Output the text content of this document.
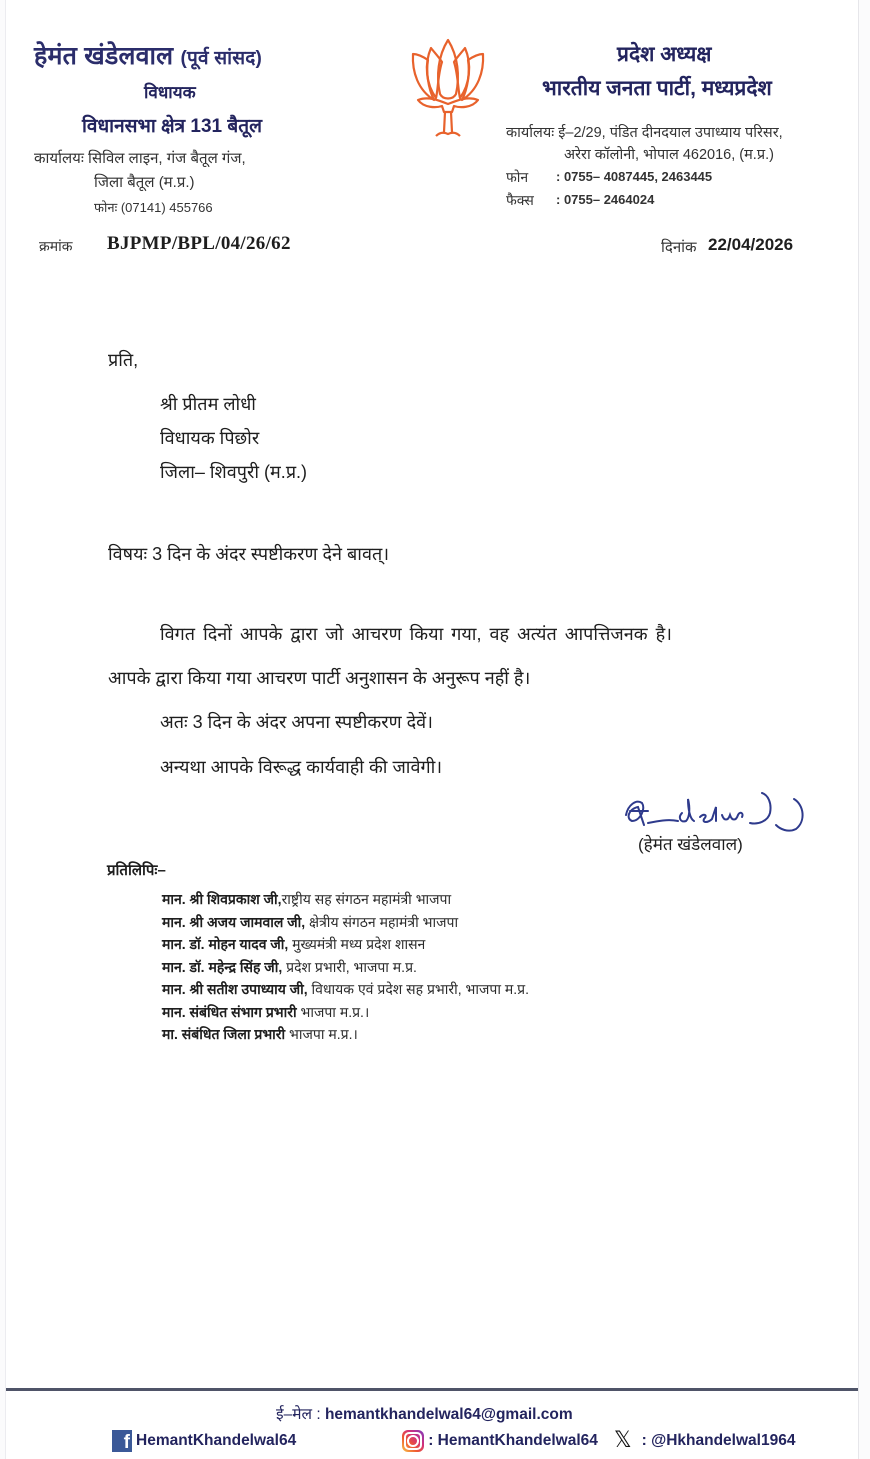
हेमंत खंडेलवाल (पूर्व सांसद)
विधायक
विधानसभा क्षेत्र 131 बैतूल
कार्यालयः सिविल लाइन, गंज बैतूल गंज,
जिला बैतूल (म.प्र.)
फोनः (07141) 455766
प्रदेश अध्यक्ष
भारतीय जनता पार्टी, मध्यप्रदेश
कार्यालयः ई–2/29, पंडित दीनदयाल उपाध्याय परिसर,
अरेरा कॉलोनी, भोपाल 462016, (म.प्र.)
फोन : 0755– 4087445, 2463445
फैक्स : 0755– 2464024
क्रमांक BJPMP/BPL/04/26/62	दिनांक 22/04/2026
प्रति,
श्री प्रीतम लोधी
विधायक पिछोर
जिला– शिवपुरी (म.प्र.)
विषयः 3 दिन के अंदर स्पष्टीकरण देने बावत्।
विगत दिनों आपके द्वारा जो आचरण किया गया, वह अत्यंत आपत्तिजनक है।
आपके द्वारा किया गया आचरण पार्टी अनुशासन के अनुरूप नहीं है।
अतः 3 दिन के अंदर अपना स्पष्टीकरण देवें।
अन्यथा आपके विरूद्ध कार्यवाही की जावेगी।
(हेमंत खंडेलवाल)
प्रतिलिपिः–
मान. श्री शिवप्रकाश जी,राष्ट्रीय सह संगठन महामंत्री भाजपा
मान. श्री अजय जामवाल जी, क्षेत्रीय संगठन महामंत्री भाजपा
मान. डॉ. मोहन यादव जी, मुख्यमंत्री मध्य प्रदेश शासन
मान. डॉ. महेन्द्र सिंह जी, प्रदेश प्रभारी, भाजपा म.प्र.
मान. श्री सतीश उपाध्याय जी, विधायक एवं प्रदेश सह प्रभारी, भाजपा म.प्र.
मान. संबंधित संभाग प्रभारी भाजपा म.प्र.।
मा. संबंधित जिला प्रभारी भाजपा म.प्र.।
ई–मेल : hemantkhandelwal64@gmail.com
f HemantKhandelwal64	: HemantKhandelwal64 𝕏 : @Hkhandelwal1964
